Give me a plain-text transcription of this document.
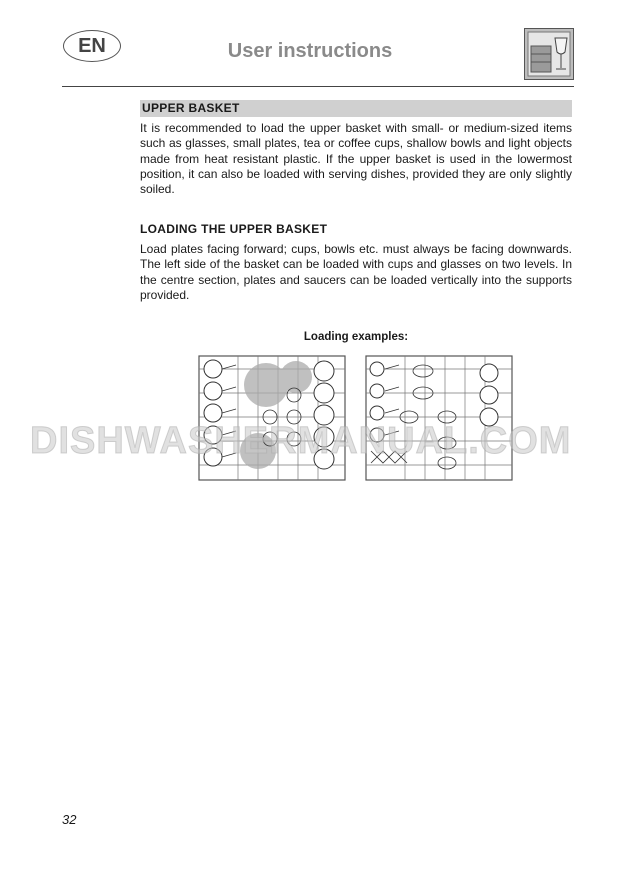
EN	User instructions
UPPER BASKET
It is recommended to load the upper basket with small- or medium-sized items such as glasses, small plates, tea or coffee cups, shallow bowls and light objects made from heat resistant plastic. If the upper basket is used in the lowermost position, it can also be loaded with serving dishes, provided they are only slightly soiled.
LOADING THE UPPER BASKET
Load plates facing forward; cups, bowls etc. must always be facing downwards. The left side of the basket can be loaded with cups and glasses on two levels. In the centre section, plates and saucers can be loaded vertically into the supports provided.
Loading examples:
DISHWASHERMANUAL.COM
32
